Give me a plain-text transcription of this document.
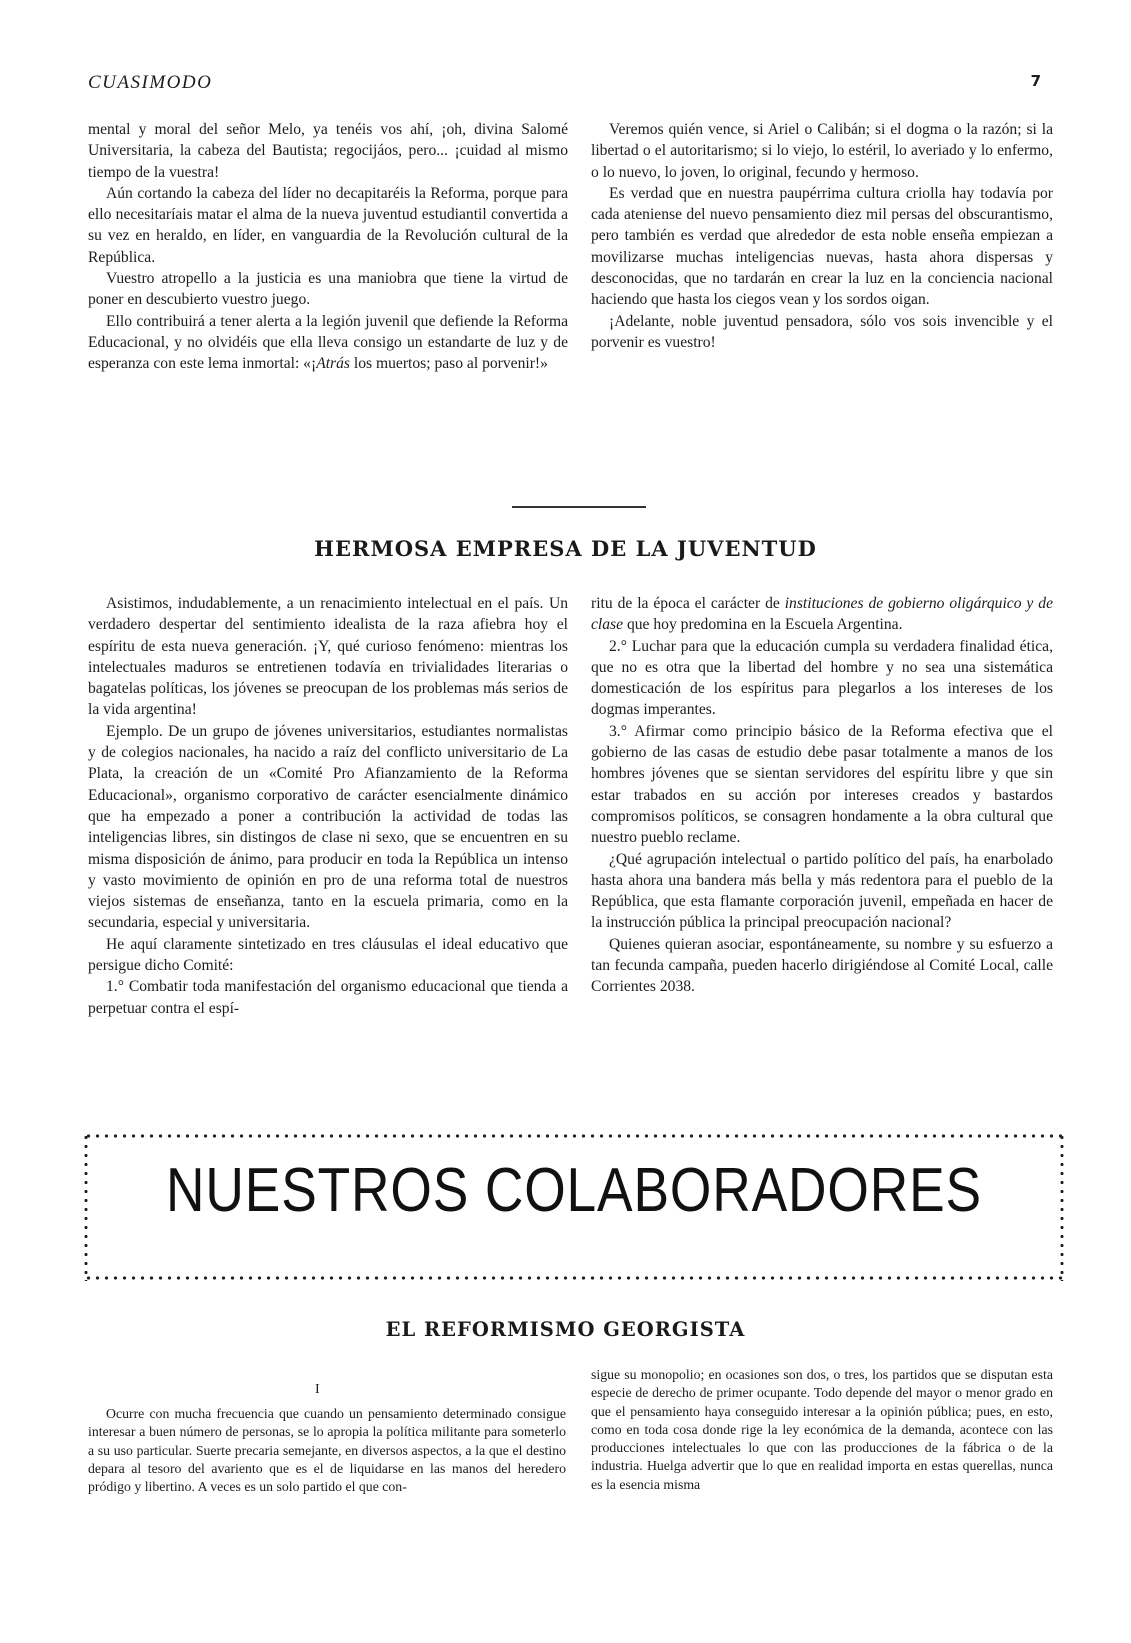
CUASIMODO	7

mental y moral del señor Melo, ya tenéis vos ahí, ¡oh, divina Salomé Universitaria, la cabeza del Bautista; regocijáos, pero... ¡cuidad al mismo tiempo de la vuestra!

Aún cortando la cabeza del líder no decapitaréis la Reforma, porque para ello necesitaríais matar el alma de la nueva juventud estudiantil convertida a su vez en heraldo, en líder, en vanguardia de la Revolución cultural de la República.

Vuestro atropello a la justicia es una maniobra que tiene la virtud de poner en descubierto vuestro juego.

Ello contribuirá a tener alerta a la legión juvenil que defiende la Reforma Educacional, y no olvidéis que ella lleva consigo un estandarte de luz y de esperanza con este lema inmortal: «¡Atrás los muertos; paso al porvenir!»

Veremos quién vence, si Ariel o Calibán; si el dogma o la razón; si la libertad o el autoritarismo; si lo viejo, lo estéril, lo averiado y lo enfermo, o lo nuevo, lo joven, lo original, fecundo y hermoso.

Es verdad que en nuestra paupérrima cultura criolla hay todavía por cada ateniense del nuevo pensamiento diez mil persas del obscurantismo, pero también es verdad que alrededor de esta noble enseña empiezan a movilizarse muchas inteligencias nuevas, hasta ahora dispersas y desconocidas, que no tardarán en crear la luz en la conciencia nacional haciendo que hasta los ciegos vean y los sordos oigan.

¡Adelante, noble juventud pensadora, sólo vos sois invencible y el porvenir es vuestro!

HERMOSA EMPRESA DE LA JUVENTUD

Asistimos, indudablemente, a un renacimiento intelectual en el país. Un verdadero despertar del sentimiento idealista de la raza afiebra hoy el espíritu de esta nueva generación. ¡Y, qué curioso fenómeno: mientras los intelectuales maduros se entretienen todavía en trivialidades literarias o bagatelas políticas, los jóvenes se preocupan de los problemas más serios de la vida argentina!

Ejemplo. De un grupo de jóvenes universitarios, estudiantes normalistas y de colegios nacionales, ha nacido a raíz del conflicto universitario de La Plata, la creación de un «Comité Pro Afianzamiento de la Reforma Educacional», organismo corporativo de carácter esencialmente dinámico que ha empezado a poner a contribución la actividad de todas las inteligencias libres, sin distingos de clase ni sexo, que se encuentren en su misma disposición de ánimo, para producir en toda la República un intenso y vasto movimiento de opinión en pro de una reforma total de nuestros viejos sistemas de enseñanza, tanto en la escuela primaria, como en la secundaria, especial y universitaria.

He aquí claramente sintetizado en tres cláusulas el ideal educativo que persigue dicho Comité:

1.° Combatir toda manifestación del organismo educacional que tienda a perpetuar contra el espí-

ritu de la época el carácter de instituciones de gobierno oligárquico y de clase que hoy predomina en la Escuela Argentina.

2.° Luchar para que la educación cumpla su verdadera finalidad ética, que no es otra que la libertad del hombre y no sea una sistemática domesticación de los espíritus para plegarlos a los intereses de los dogmas imperantes.

3.° Afirmar como principio básico de la Reforma efectiva que el gobierno de las casas de estudio debe pasar totalmente a manos de los hombres jóvenes que se sientan servidores del espíritu libre y que sin estar trabados en su acción por intereses creados y bastardos compromisos políticos, se consagren hondamente a la obra cultural que nuestro pueblo reclame.

¿Qué agrupación intelectual o partido político del país, ha enarbolado hasta ahora una bandera más bella y más redentora para el pueblo de la República, que esta flamante corporación juvenil, empeñada en hacer de la instrucción pública la principal preocupación nacional?

Quienes quieran asociar, espontáneamente, su nombre y su esfuerzo a tan fecunda campaña, pueden hacerlo dirigiéndose al Comité Local, calle Corrientes 2038.

NUESTROS COLABORADORES
EL REFORMISMO GEORGISTA
I

Ocurre con mucha frecuencia que cuando un pensamiento determinado consigue interesar a buen número de personas, se lo apropia la política militante para someterlo a su uso particular. Suerte precaria semejante, en diversos aspectos, a la que el destino depara al tesoro del avariento que es el de liquidarse en las manos del heredero pródigo y libertino. A veces es un solo partido el que con-

sigue su monopolio; en ocasiones son dos, o tres, los partidos que se disputan esta especie de derecho de primer ocupante. Todo depende del mayor o menor grado en que el pensamiento haya conseguido interesar a la opinión pública; pues, en esto, como en toda cosa donde rige la ley económica de la demanda, acontece con las producciones intelectuales lo que con las producciones de la fábrica o de la industria. Huelga advertir que lo que en realidad importa en estas querellas, nunca es la esencia misma
